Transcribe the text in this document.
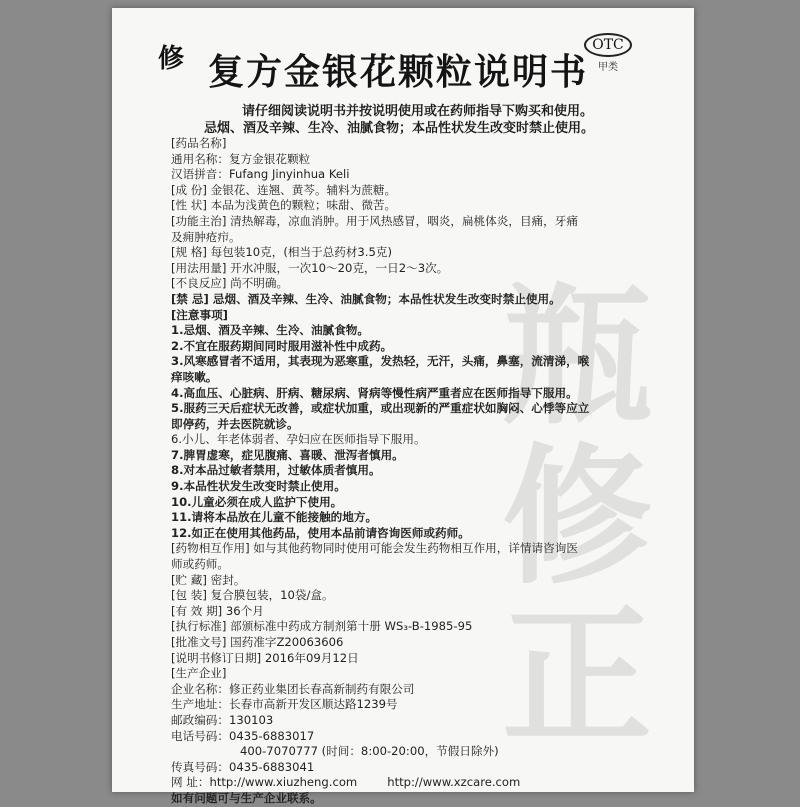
瓶 修正
修 复方金银花颗粒说明书
OTC
甲类
请仔细阅读说明书并按说明使用或在药师指导下购买和使用。
忌烟、酒及辛辣、生冷、油腻食物；本品性状发生改变时禁止使用。
[药品名称]
通用名称：复方金银花颗粒
汉语拼音：Fufang Jinyinhua Keli
[成 份] 金银花、连翘、黄芩。辅料为蔗糖。
[性 状] 本品为浅黄色的颗粒；味甜、微苦。
[功能主治] 清热解毒，凉血消肿。用于风热感冒，咽炎，扁桃体炎，目痛，牙痛
及痈肿疮疖。
[规 格] 每包装10克，(相当于总药材3.5克)
[用法用量] 开水冲服，一次10～20克，一日2～3次。
[不良反应] 尚不明确。
[禁 忌] 忌烟、酒及辛辣、生冷、油腻食物；本品性状发生改变时禁止使用。
[注意事项]
1.忌烟、酒及辛辣、生冷、油腻食物。
2.不宜在服药期间同时服用滋补性中成药。
3.风寒感冒者不适用，其表现为恶寒重，发热轻，无汗，头痛，鼻塞，流清涕，喉
痒咳嗽。
4.高血压、心脏病、肝病、糖尿病、肾病等慢性病严重者应在医师指导下服用。
5.服药三天后症状无改善，或症状加重，或出现新的严重症状如胸闷、心悸等应立
即停药，并去医院就诊。
6.小儿、年老体弱者、孕妇应在医师指导下服用。
7.脾胃虚寒，症见腹痛、喜暖、泄泻者慎用。
8.对本品过敏者禁用，过敏体质者慎用。
9.本品性状发生改变时禁止使用。
10.儿童必须在成人监护下使用。
11.请将本品放在儿童不能接触的地方。
12.如正在使用其他药品，使用本品前请咨询医师或药师。
[药物相互作用] 如与其他药物同时使用可能会发生药物相互作用，详情请咨询医
师或药师。
[贮 藏] 密封。
[包 装] 复合膜包装，10袋/盒。
[有 效 期] 36个月
[执行标准] 部颁标准中药成方制剂第十册 WS₃-B-1985-95
[批准文号] 国药准字Z20063606
[说明书修订日期] 2016年09月12日
[生产企业]
企业名称：修正药业集团长春高新制药有限公司
生产地址：长春市高新开发区顺达路1239号
邮政编码：130103
电话号码：0435-6883017
400-7070777 (时间：8:00-20:00，节假日除外)
传真号码：0435-6883041
网 址：http://www.xiuzheng.com	http://www.xzcare.com
如有问题可与生产企业联系。
